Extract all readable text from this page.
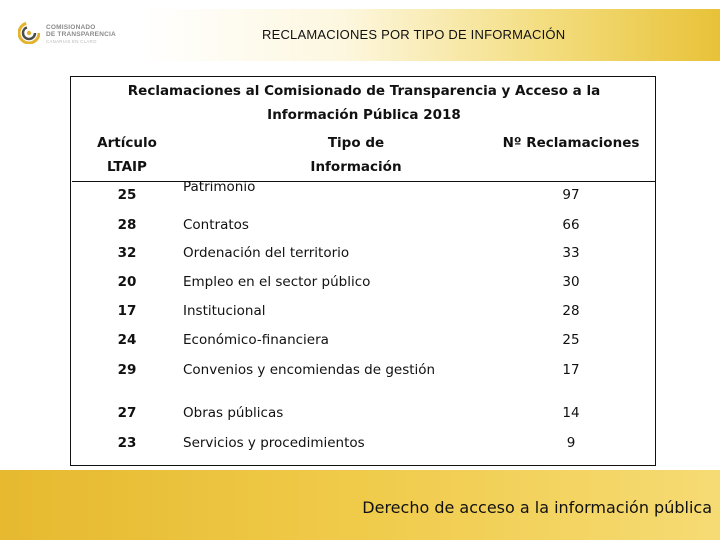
COMISIONADO
DE TRANSPARENCIA
CANARIAS EN CLARO	RECLAMACIONES POR TIPO DE INFORMACIÓN
Reclamaciones al Comisionado de Transparencia y Acceso a la
Información Pública 2018
Artículo
LTAIP
Tipo de
Información
Nº Reclamaciones
25	Patrimonio	97
28	Contratos	66
32	Ordenación del territorio	33
20	Empleo en el sector público	30
17	Institucional	28
24	Económico-financiera	25
29	Convenios y encomiendas de gestión	17
27	Obras públicas	14
23	Servicios y procedimientos	9
Derecho de acceso a la información pública
